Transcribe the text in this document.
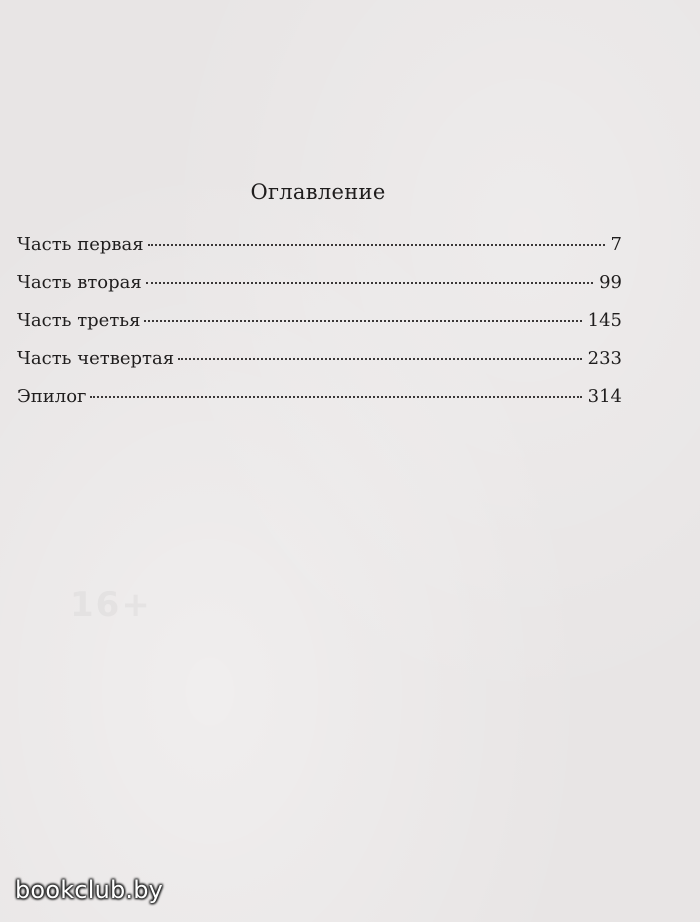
16+
Оглавление
Часть первая	7
Часть вторая	99
Часть третья	145
Часть четвертая	233
Эпилог	314
bookclub.by
